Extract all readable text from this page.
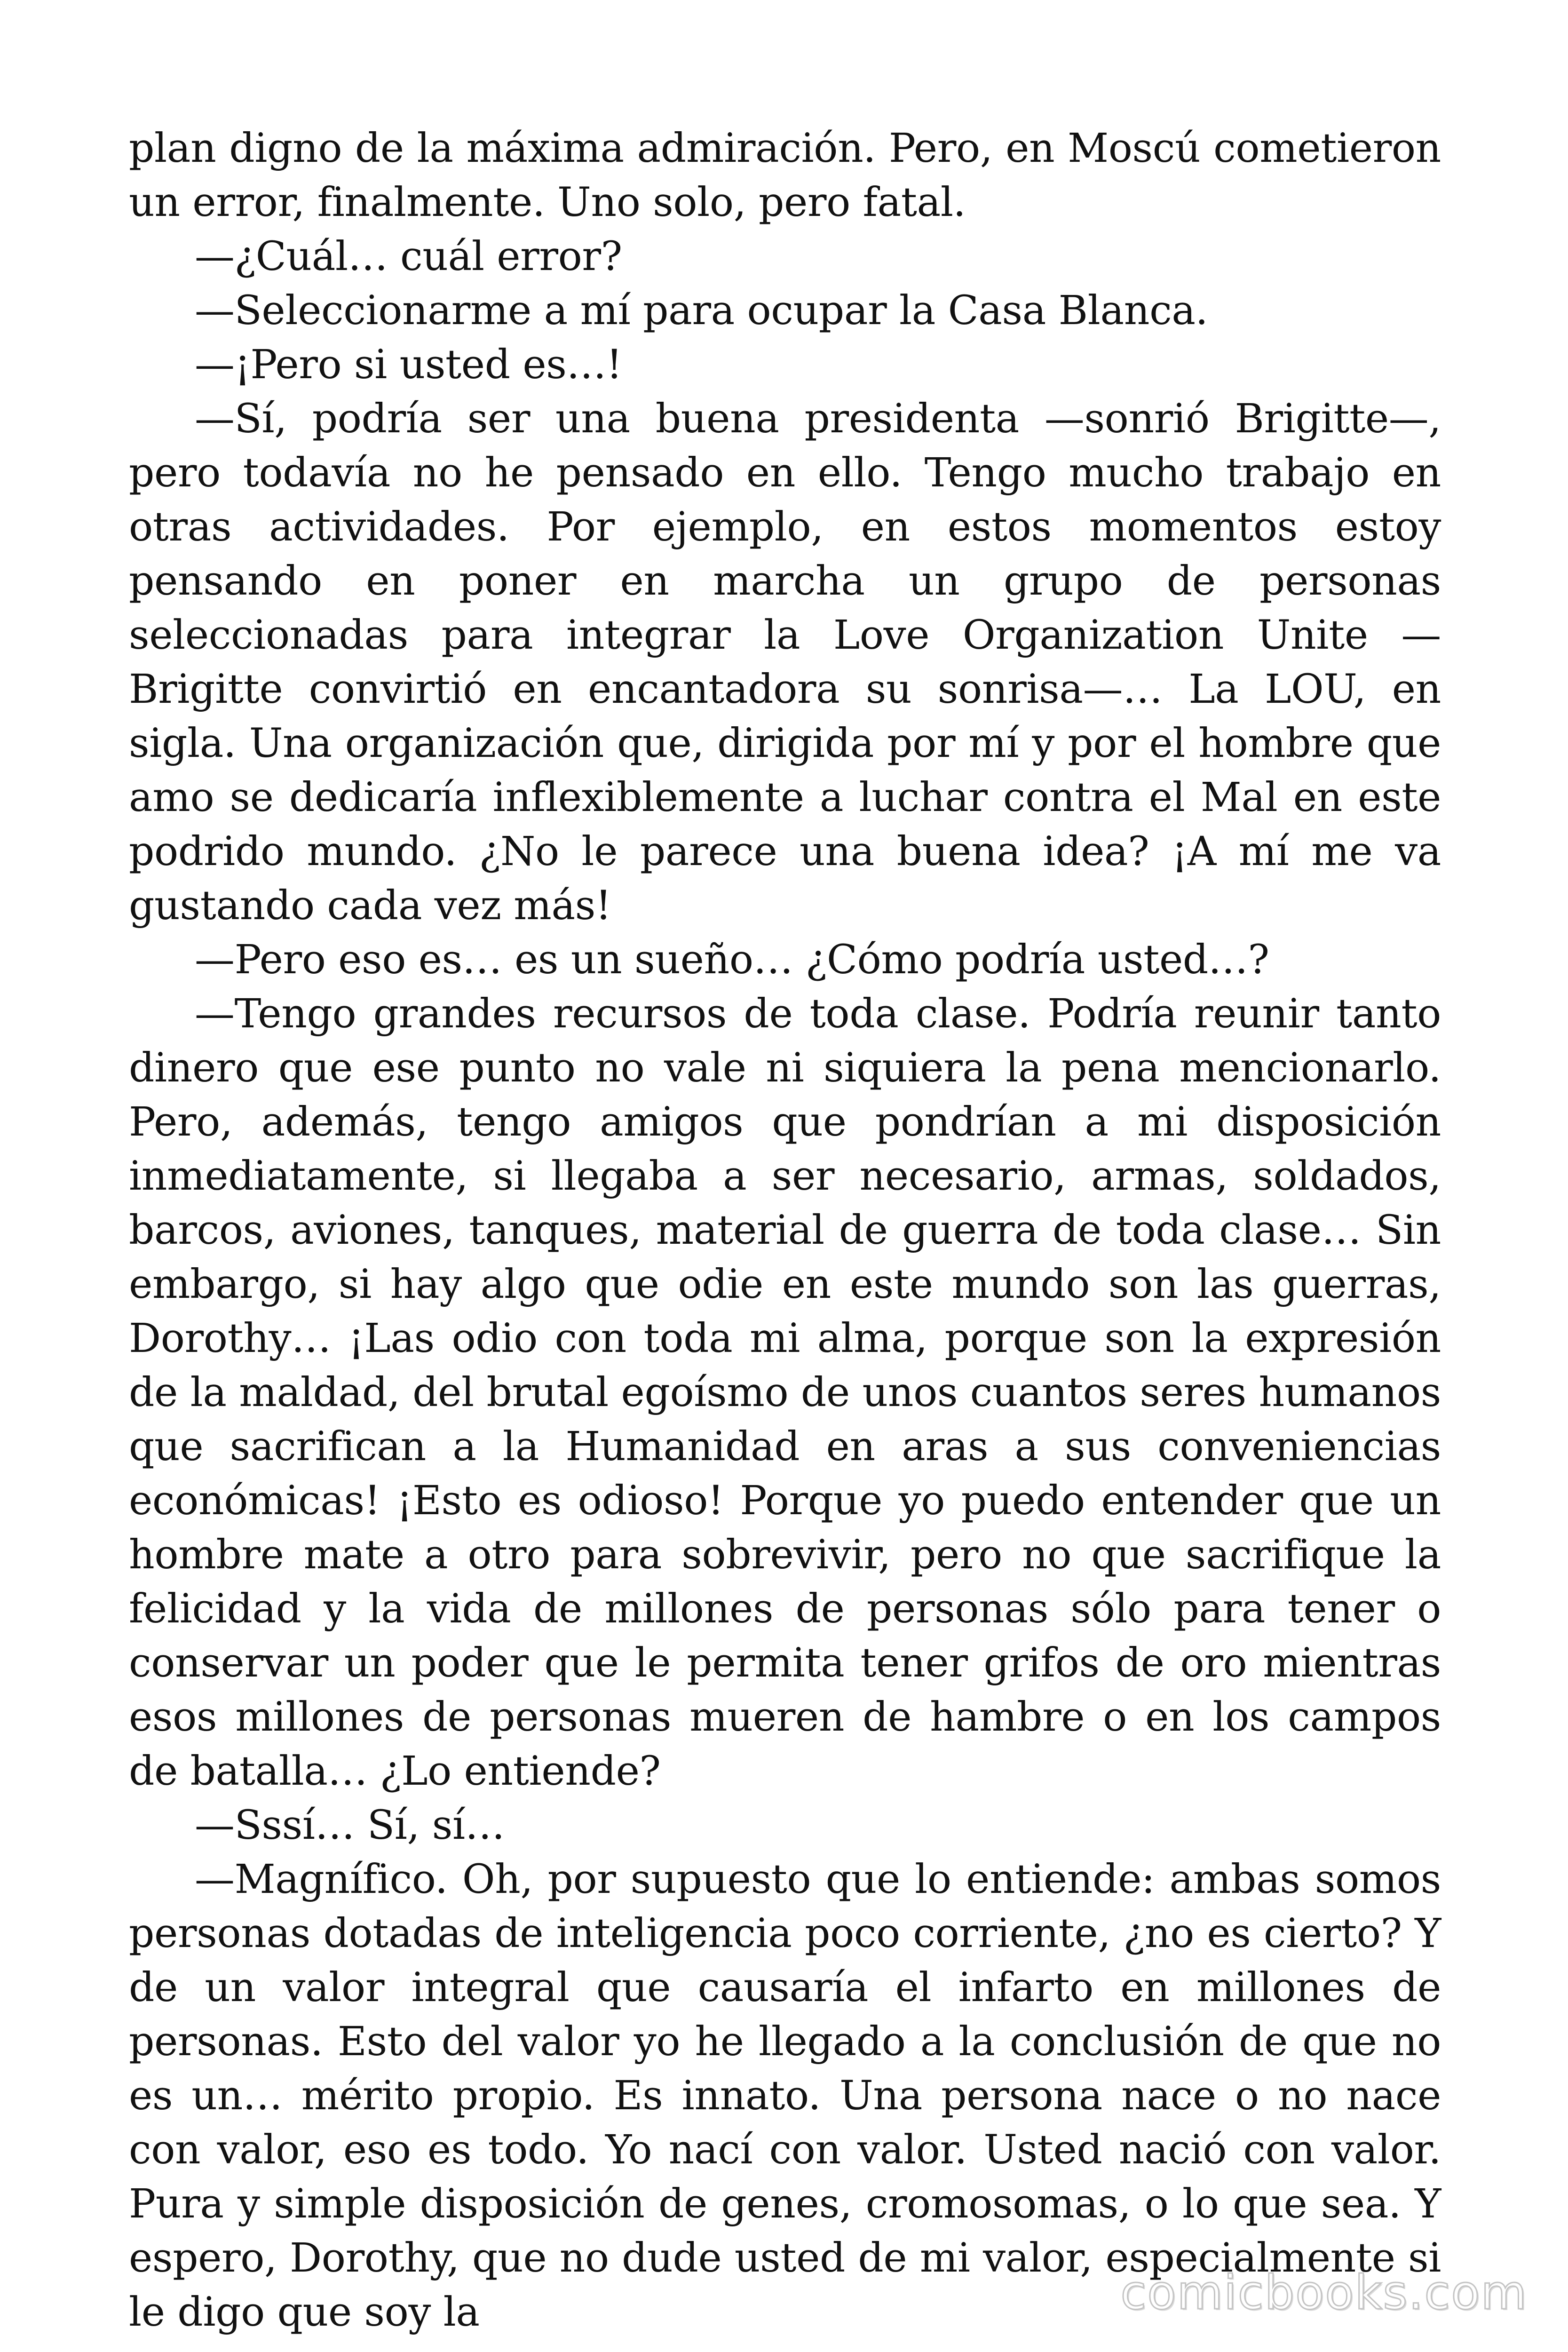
plan digno de la máxima admiración. Pero, en Moscú cometieron un error, finalmente. Uno solo, pero fatal.

—¿Cuál… cuál error?

—Seleccionarme a mí para ocupar la Casa Blanca.

—¡Pero si usted es…!

—Sí, podría ser una buena presidenta —sonrió Brigitte—, pero todavía no he pensado en ello. Tengo mucho trabajo en otras actividades. Por ejemplo, en estos momentos estoy pensando en poner en marcha un grupo de personas seleccionadas para integrar la Love Organization Unite —Brigitte convirtió en encantadora su sonrisa—… La LOU, en sigla. Una organización que, dirigida por mí y por el hombre que amo se dedicaría inflexiblemente a luchar contra el Mal en este podrido mundo. ¿No le parece una buena idea? ¡A mí me va gustando cada vez más!

—Pero eso es… es un sueño… ¿Cómo podría usted…?

—Tengo grandes recursos de toda clase. Podría reunir tanto dinero que ese punto no vale ni siquiera la pena mencionarlo. Pero, además, tengo amigos que pondrían a mi disposición inmediatamente, si llegaba a ser necesario, armas, soldados, barcos, aviones, tanques, material de guerra de toda clase… Sin embargo, si hay algo que odie en este mundo son las guerras, Dorothy… ¡Las odio con toda mi alma, porque son la expresión de la maldad, del brutal egoísmo de unos cuantos seres humanos que sacrifican a la Humanidad en aras a sus conveniencias económicas! ¡Esto es odioso! Porque yo puedo entender que un hombre mate a otro para sobrevivir, pero no que sacrifique la felicidad y la vida de millones de personas sólo para tener o conservar un poder que le permita tener grifos de oro mientras esos millones de personas mueren de hambre o en los campos de batalla… ¿Lo entiende?

—Sssí… Sí, sí…

—Magnífico. Oh, por supuesto que lo entiende: ambas somos personas dotadas de inteligencia poco corriente, ¿no es cierto? Y de un valor integral que causaría el infarto en millones de personas. Esto del valor yo he llegado a la conclusión de que no es un… mérito propio. Es innato. Una persona nace o no nace con valor, eso es todo. Yo nací con valor. Usted nació con valor. Pura y simple disposición de genes, cromosomas, o lo que sea. Y espero, Dorothy, que no dude usted de mi valor, especialmente si le digo que soy la	comicbooks.com
